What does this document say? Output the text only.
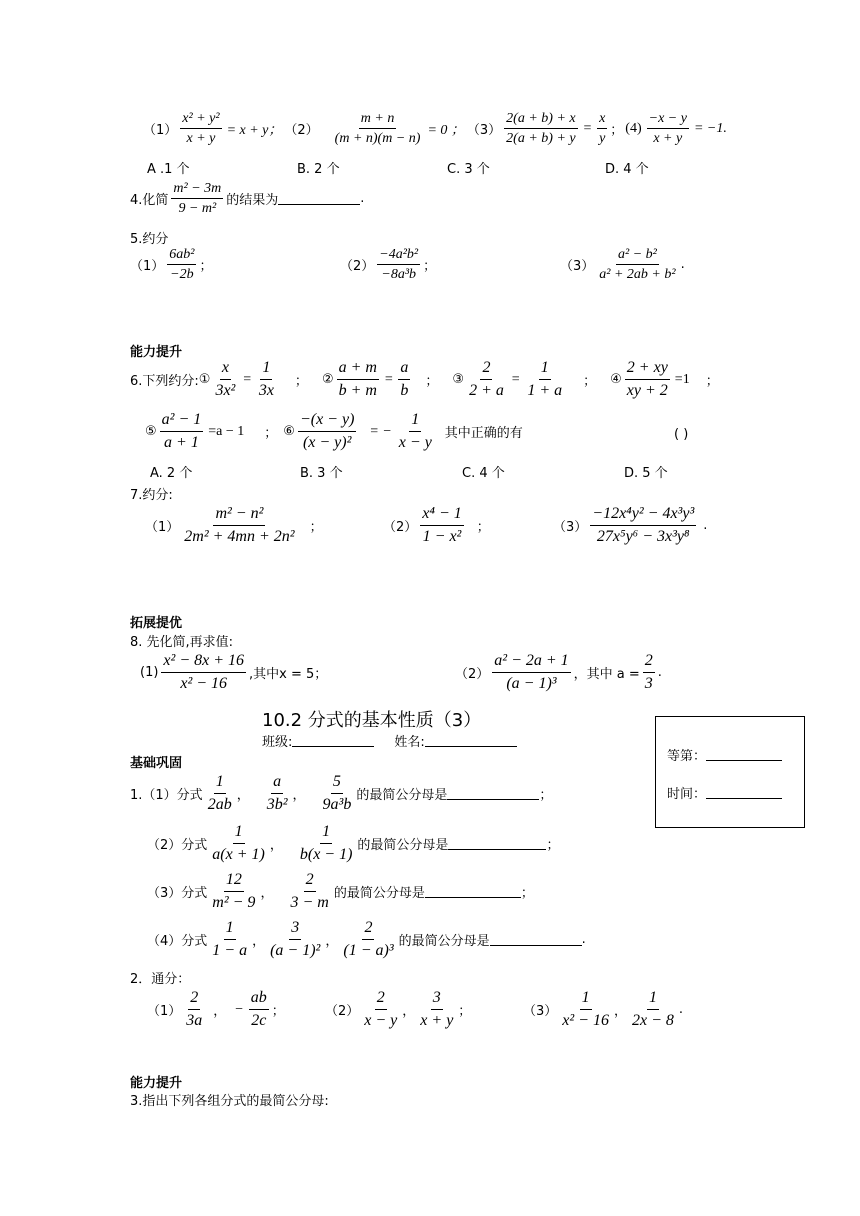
$(1) \frac{\text{x² + y²}}{x + y} = x + y$； $(2) \frac{m + n}{(m + n)(m - n)} = 0$ ； $(3) \frac{2(a + b) + x}{2(a + b) + y} = \frac{x}{y}$ ； $(4) \frac{-x - y}{x + y} = -1$.
A .1 个	B. 2 个	C. 3 个	D. 4 个
4.化简 $\frac{\text{m² − 3m}}{\text{9 − m²}}$ 的结果为	.
5.约分
$(1) \frac{\text{6ab²}}{-2b}$ ；	$(2) \frac{\text{−4a²b²}}{\text{−8a³b}}$ ；	$(3) \frac{\text{a² − b²}}{\text{a² + 2ab + b²}}$ .
能力提升
6.下列约分: ① $\frac{x}{\text{3x²}} = \frac{1}{3x}$ ； ② $\frac{a + m}{b + m} = \frac{a}{b}$ ； ③ $\frac{2}{2 + a} = \frac{1}{1 + a}$ ； ④ $\frac{2 + xy}{xy + 2} =1$ ；
⑤ $\frac{\text{a² − 1}}{a + 1} =a - 1$ ； ⑥ $\frac{-(x - y)}{\text{(x − y)²}}$ = − $\frac{1}{x - y}$ 其中正确的有	( )
A. 2 个	B. 3 个	C. 4 个	D. 5 个
7.约分:
$(1) \frac{\text{m² − n²}}{\text{2m² + 4mn + 2n²}}$ ；	$(2) \frac{\text{x⁴ − 1}}{\text{1 − x²}}$ ；	$(3) \frac{\text{−12x⁴y² − 4x³y³}}{\text{27x⁵y⁶ − 3x³y⁸}}$ .
拓展提优
8. 先化简,再求值:
$(1) \frac{\text{x² − 8x + 16}}{\text{x² − 16}}$ ,其中x = 5；	$(2) \frac{\text{a² − 2a + 1}}{\text{(a − 1)³}}$ ，其中 $a = \frac{2}{3}$ .
10.2 分式的基本性质（3）
班级:	姓名:
等第：
时间：
基础巩固
1.（1）分式 $\frac{1}{2ab}$ ， $\frac{a}{\text{3b²}}$ ， $\frac{5}{\text{9a³b}}$ 的最简公分母是	；
（2）分式 $\frac{1}{a(x + 1)}$ ， $\frac{1}{b(x - 1)}$ 的最简公分母是	；
（3）分式 $\frac{12}{\text{m² − 9}}$ ， $\frac{2}{3 - m}$ 的最简公分母是	；
（4）分式 $\frac{1}{1 - a}$ ， $\frac{3}{\text{(a − 1)²}}$ ， $\frac{2}{\text{(1 − a)³}}$ 的最简公分母是	.
2．通分：
$(1) \frac{2}{3a}$ ， − $\frac{ab}{2c}$ ；	$(2) \frac{2}{x - y}$ ， $\frac{3}{x + y}$ ；	$(3) \frac{1}{\text{x² − 16}}$ ， $\frac{1}{2x - 8}$ .
能力提升
3.指出下列各组分式的最简公分母:
